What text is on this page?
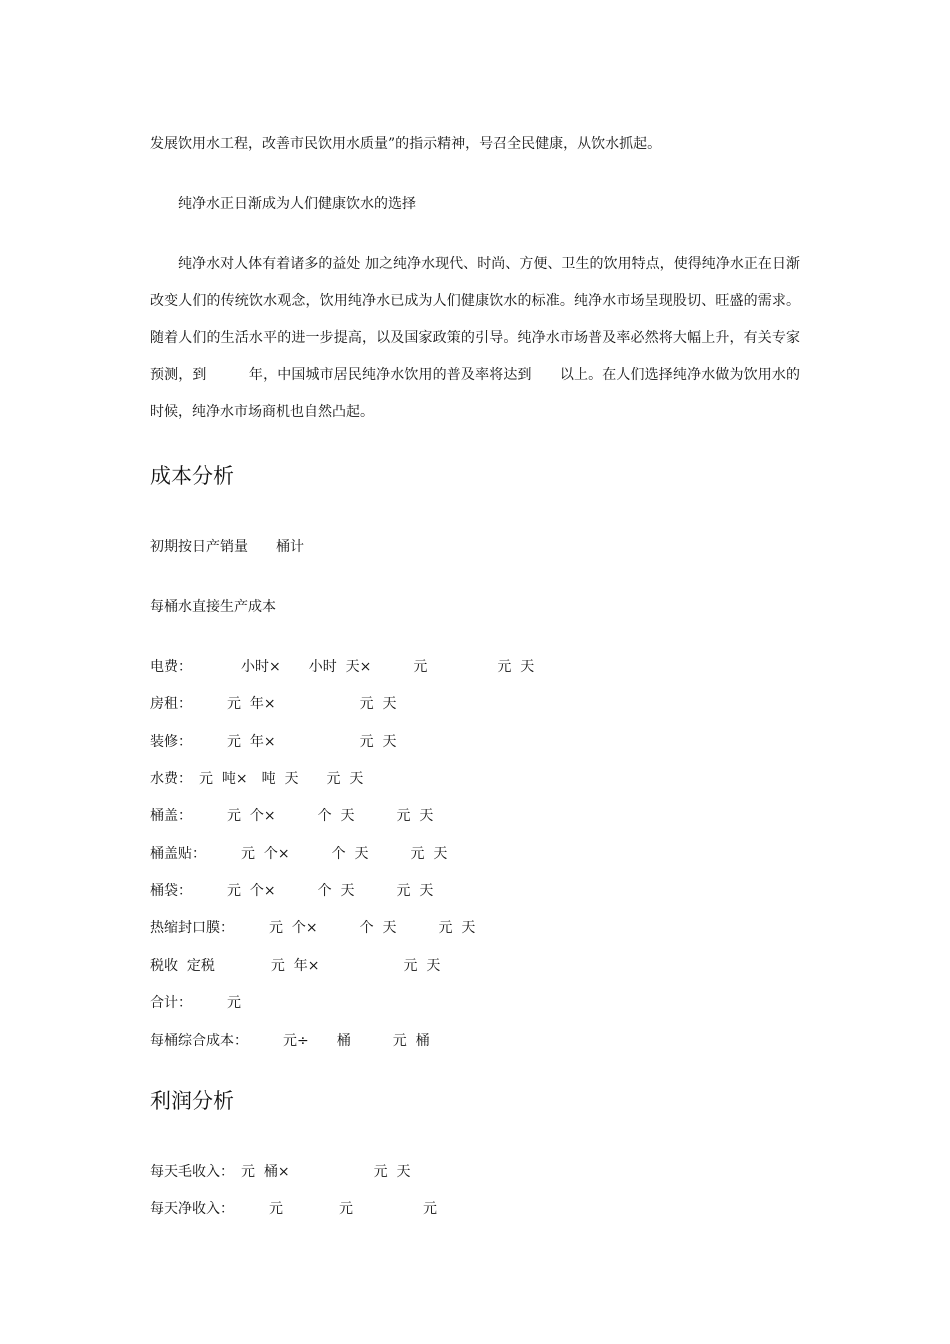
发展饮用水工程，改善市民饮用水质量”的指示精神，号召全民健康，从饮水抓起。

纯净水正日渐成为人们健康饮水的选择

纯净水对人体有着诸多的益处 加之纯净水现代、时尚、方便、卫生的饮用特点，使得纯净水正在日渐改变人们的传统饮水观念，饮用纯净水已成为人们健康饮水的标准。纯净水市场呈现股切、旺盛的需求。 随着人们的生活水平的进一步提高，以及国家政策的引导。纯净水市场普及率必然将大幅上升，有关专家预测，到　　　年，中国城市居民纯净水饮用的普及率将达到　　以上。在人们选择纯净水做为饮用水的时候，纯净水市场商机也自然凸起。

成本分析

初期按日产销量　　桶计

每桶水直接生产成本

电费：　　　　小时×　　小时  天×　　　元　　　　　元  天

房租：　　　元  年×　　　　　　元  天

装修：　　　元  年×　　　　　　元  天

水费：　元  吨×　吨  天　　元  天

桶盖：　　　元  个×　　　个  天　　　元  天

桶盖贴：　　　元  个×　　　个  天　　　元  天

桶袋：　　　元  个×　　　个  天　　　元  天

热缩封口膜：　　　元  个×　　　个  天　　　元  天

税收  定税　　　　元  年×　　　　　　元  天

合计：　　　元

每桶综合成本：　　　元÷　　桶　　　元  桶

利润分析

每天毛收入：　元  桶×　　　　　　元  天

每天净收入：　　　元　　　　元　　　　　元
